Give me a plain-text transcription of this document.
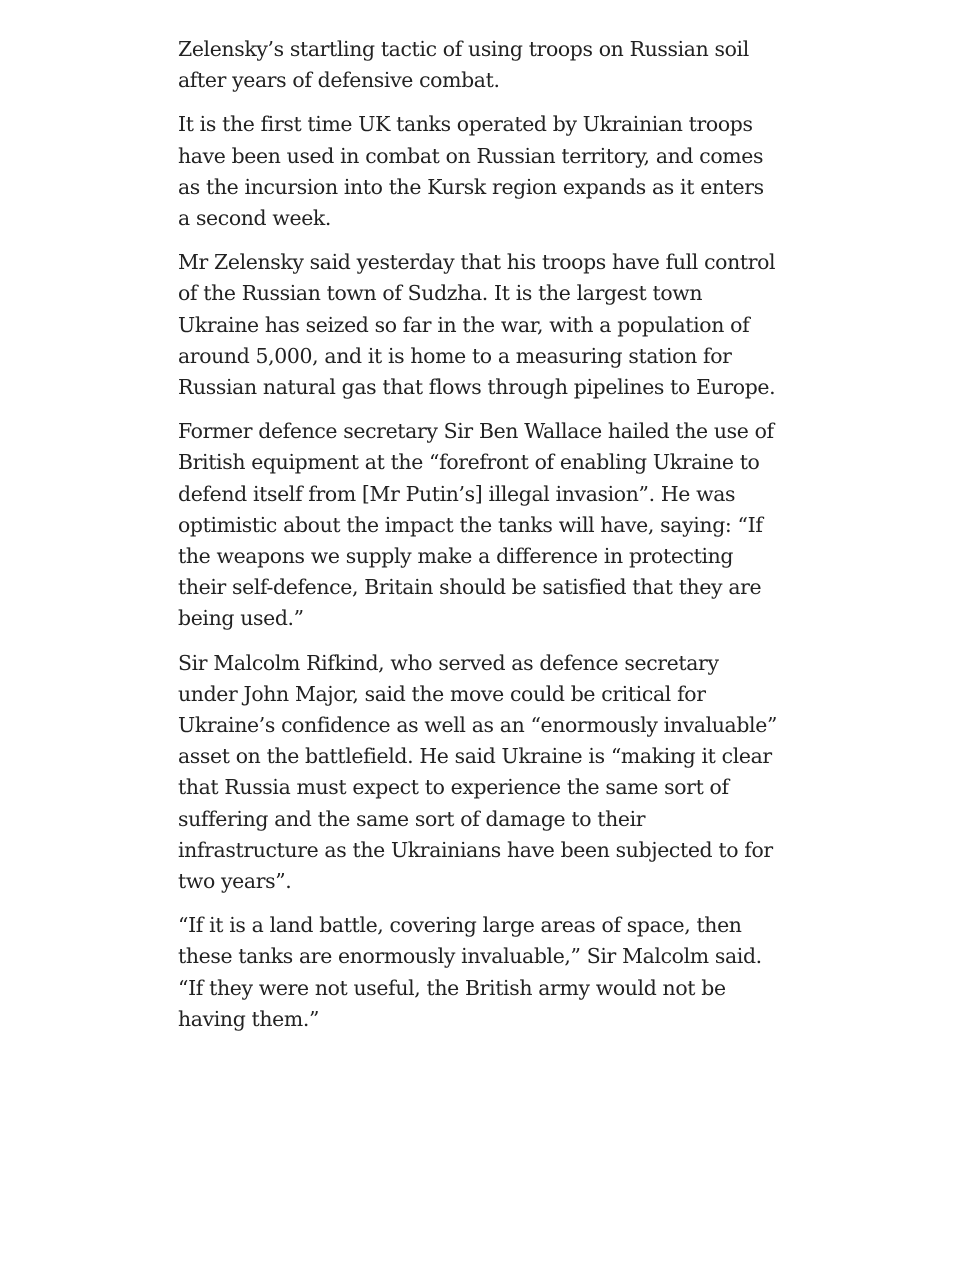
Zelensky’s startling tactic of using troops on Russian soil after years of defensive combat.

It is the first time UK tanks operated by Ukrainian troops have been used in combat on Russian territory, and comes as the incursion into the Kursk region expands as it enters a second week.

Mr Zelensky said yesterday that his troops have full control of the Russian town of Sudzha. It is the largest town Ukraine has seized so far in the war, with a population of around 5,000, and it is home to a measuring station for Russian natural gas that flows through pipelines to Europe.

Former defence secretary Sir Ben Wallace hailed the use of British equipment at the “forefront of enabling Ukraine to defend itself from [Mr Putin’s] illegal invasion”. He was optimistic about the impact the tanks will have, saying: “If the weapons we supply make a difference in protecting their self-defence, Britain should be satisfied that they are being used.”

Sir Malcolm Rifkind, who served as defence secretary under John Major, said the move could be critical for Ukraine’s confidence as well as an “enormously invaluable” asset on the battlefield. He said Ukraine is “making it clear that Russia must expect to experience the same sort of suffering and the same sort of damage to their infrastructure as the Ukrainians have been subjected to for two years”.

“If it is a land battle, covering large areas of space, then these tanks are enormously invaluable,” Sir Malcolm said. “If they were not useful, the British army would not be having them.”
